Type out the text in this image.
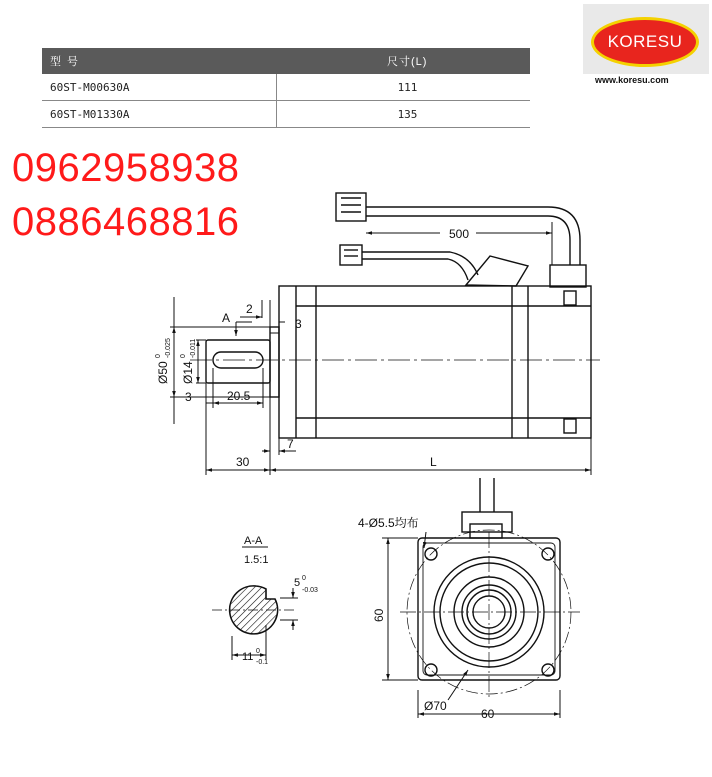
型号	尺寸(L)
60ST-M00630A	111
60ST-M01330A	135
0962958938
0886468816
KORESU
www.koresu.com
500
2
A	3
3	20.5
7
30	L
Ø50
0 -0.025
Ø14
0 -0.011
A-A
1.5:1
5 0
-0.03
11 0
-0.1
4-Ø5.5均布
60
Ø70
60
